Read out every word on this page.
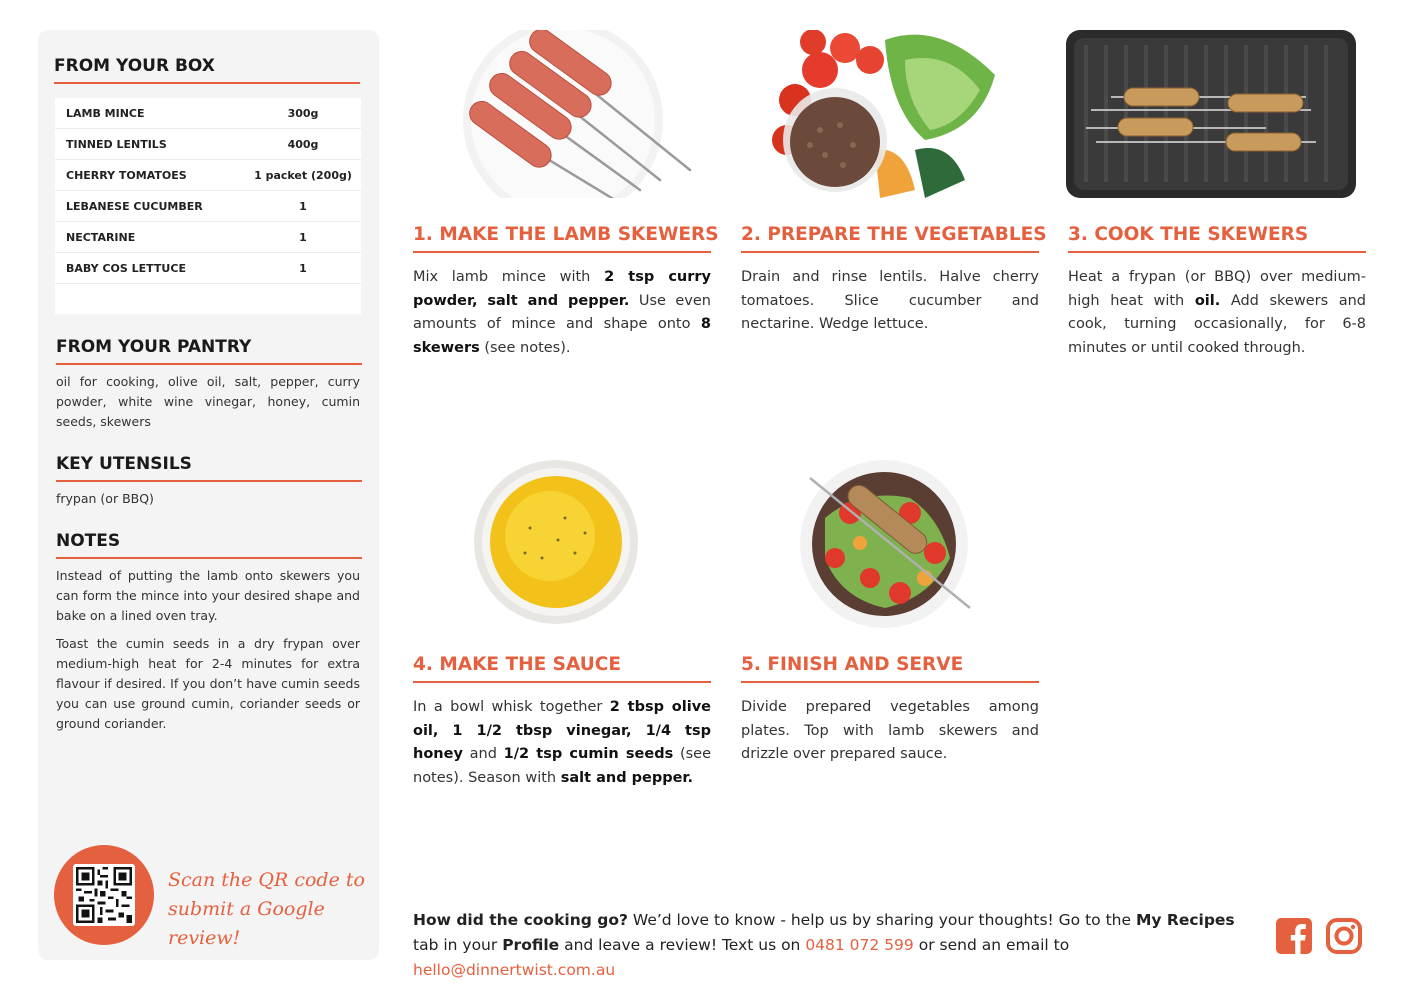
FROM YOUR BOX
LAMB MINCE	300g
TINNED LENTILS	400g
CHERRY TOMATOES	1 packet (200g)
LEBANESE CUCUMBER	1
NECTARINE	1
BABY COS LETTUCE	1
FROM YOUR PANTRY
oil for cooking, olive oil, salt, pepper, curry powder, white wine vinegar, honey, cumin seeds, skewers
KEY UTENSILS
frypan (or BBQ)
NOTES
Instead of putting the lamb onto skewers you can form the mince into your desired shape and bake on a lined oven tray.
Toast the cumin seeds in a dry frypan over medium-high heat for 2-4 minutes for extra flavour if desired. If you don’t have cumin seeds you can use ground cumin, coriander seeds or ground coriander.
Scan the QR code to
submit a Google review!
1. MAKE THE LAMB SKEWERS
Mix lamb mince with 2 tsp curry powder, salt and pepper. Use even amounts of mince and shape onto 8 skewers (see notes).
2. PREPARE THE VEGETABLES
Drain and rinse lentils. Halve cherry tomatoes. Slice cucumber and nectarine. Wedge lettuce.
3. COOK THE SKEWERS
Heat a frypan (or BBQ) over medium-high heat with oil. Add skewers and cook, turning occasionally, for 6-8 minutes or until cooked through.
4. MAKE THE SAUCE
In a bowl whisk together 2 tbsp olive oil, 1 1/2 tbsp vinegar, 1/4 tsp honey and 1/2 tsp cumin seeds (see notes). Season with salt and pepper.
5. FINISH AND SERVE
Divide prepared vegetables among plates. Top with lamb skewers and drizzle over prepared sauce.
How did the cooking go? We’d love to know - help us by sharing your thoughts! Go to the My Recipes tab in your Profile and leave a review! Text us on 0481 072 599 or send an email to hello@dinnertwist.com.au
